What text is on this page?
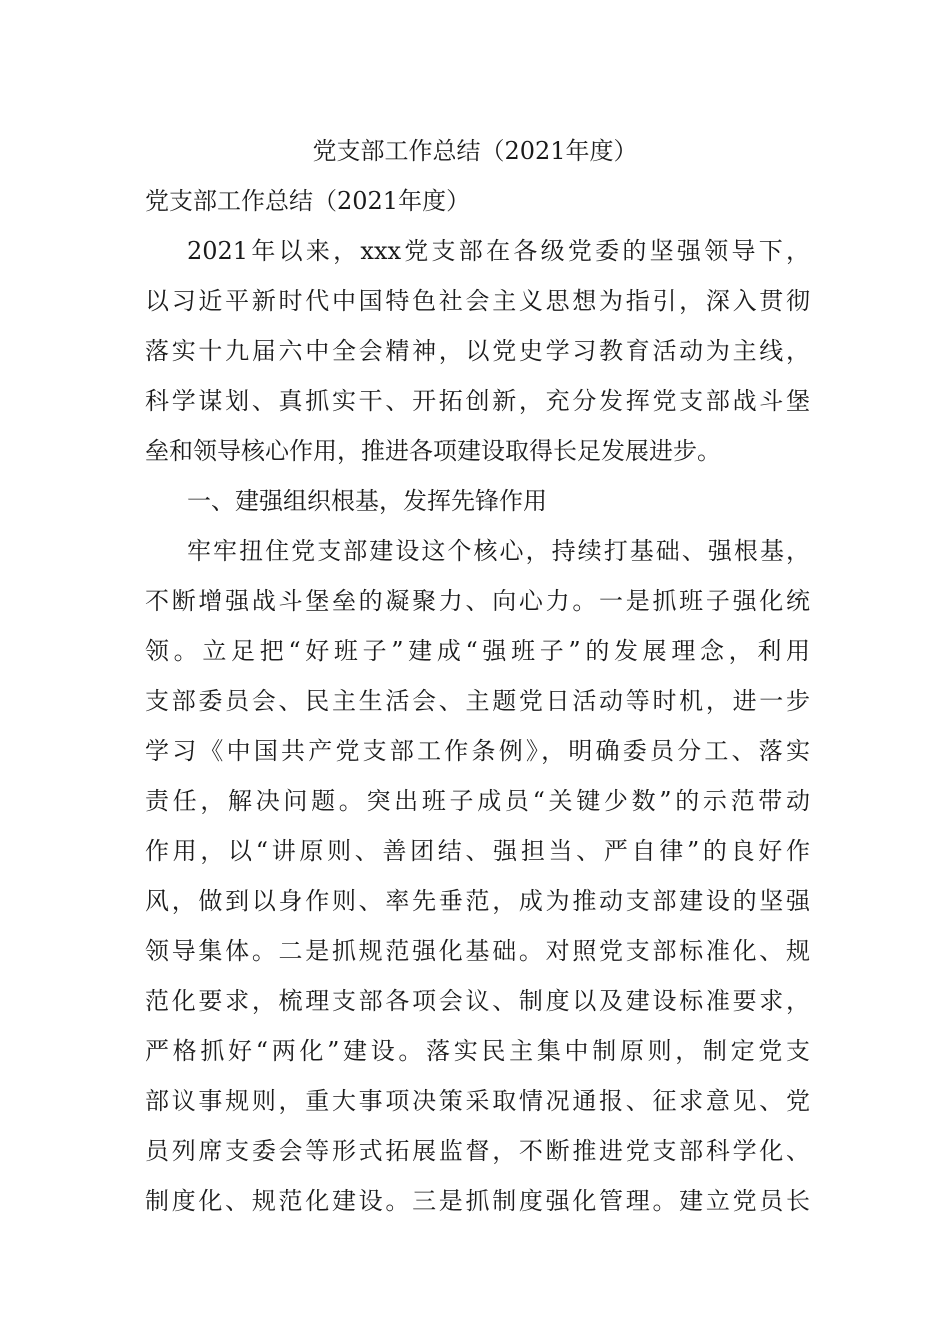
党支部工作总结（2021年度）

党支部工作总结（2021年度）

2021年以来，xxx党支部在各级党委的坚强领导下，

以习近平新时代中国特色社会主义思想为指引，深入贯彻

落实十九届六中全会精神，以党史学习教育活动为主线，

科学谋划、真抓实干、开拓创新，充分发挥党支部战斗堡

垒和领导核心作用，推进各项建设取得长足发展进步。

一、建强组织根基，发挥先锋作用

牢牢扭住党支部建设这个核心，持续打基础、强根基，

不断增强战斗堡垒的凝聚力、向心力。一是抓班子强化统

领。立足把“好班子”建成“强班子”的发展理念，利用

支部委员会、民主生活会、主题党日活动等时机，进一步

学习《中国共产党支部工作条例》，明确委员分工、落实

责任，解决问题。突出班子成员“关键少数”的示范带动

作用，以“讲原则、善团结、强担当、严自律”的良好作

风，做到以身作则、率先垂范，成为推动支部建设的坚强

领导集体。二是抓规范强化基础。对照党支部标准化、规

范化要求，梳理支部各项会议、制度以及建设标准要求，

严格抓好“两化”建设。落实民主集中制原则，制定党支

部议事规则，重大事项决策采取情况通报、征求意见、党

员列席支委会等形式拓展监督，不断推进党支部科学化、

制度化、规范化建设。三是抓制度强化管理。建立党员长
